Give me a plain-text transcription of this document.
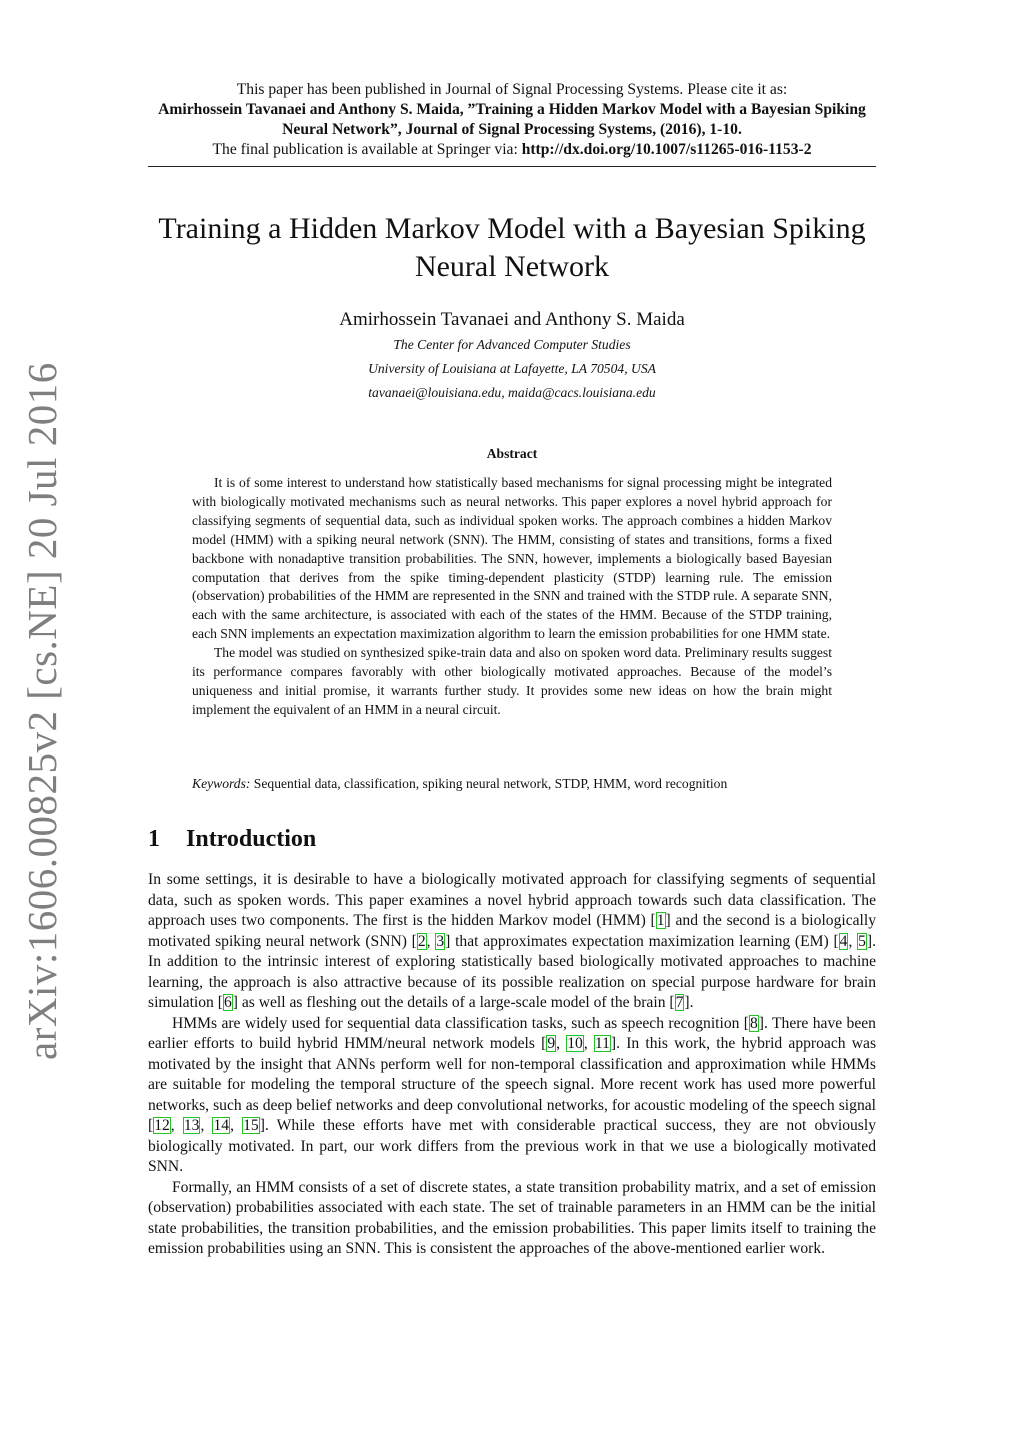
arXiv:1606.00825v2 [cs.NE] 20 Jul 2016
This paper has been published in Journal of Signal Processing Systems. Please cite it as:
Amirhossein Tavanaei and Anthony S. Maida, ”Training a Hidden Markov Model with a Bayesian Spiking Neural Network”, Journal of Signal Processing Systems, (2016), 1-10.
The final publication is available at Springer via: http://dx.doi.org/10.1007/s11265-016-1153-2
Training a Hidden Markov Model with a Bayesian Spiking Neural Network
Amirhossein Tavanaei and Anthony S. Maida
The Center for Advanced Computer Studies
University of Louisiana at Lafayette, LA 70504, USA
tavanaei@louisiana.edu, maida@cacs.louisiana.edu
Abstract

It is of some interest to understand how statistically based mechanisms for signal processing might be integrated with biologically motivated mechanisms such as neural networks. This paper explores a novel hybrid approach for classifying segments of sequential data, such as individual spoken works. The approach combines a hidden Markov model (HMM) with a spiking neural network (SNN). The HMM, consisting of states and transitions, forms a fixed backbone with nonadaptive transition probabilities. The SNN, however, implements a biologically based Bayesian computation that derives from the spike timing-dependent plasticity (STDP) learning rule. The emission (observation) probabilities of the HMM are represented in the SNN and trained with the STDP rule. A separate SNN, each with the same architecture, is associated with each of the states of the HMM. Because of the STDP training, each SNN implements an expectation maximization algorithm to learn the emission probabilities for one HMM state.

The model was studied on synthesized spike-train data and also on spoken word data. Preliminary results suggest its performance compares favorably with other biologically motivated approaches. Because of the model’s uniqueness and initial promise, it warrants further study. It provides some new ideas on how the brain might implement the equivalent of an HMM in a neural circuit.

Keywords: Sequential data, classification, spiking neural network, STDP, HMM, word recognition
1 Introduction

In some settings, it is desirable to have a biologically motivated approach for classifying segments of sequential data, such as spoken words. This paper examines a novel hybrid approach towards such data classification. The approach uses two components. The first is the hidden Markov model (HMM) [1] and the second is a biologically motivated spiking neural network (SNN) [2, 3] that approximates expectation maximization learning (EM) [4, 5]. In addition to the intrinsic interest of exploring statistically based biologically motivated approaches to machine learning, the approach is also attractive because of its possible realization on special purpose hardware for brain simulation [6] as well as fleshing out the details of a large-scale model of the brain [7].

HMMs are widely used for sequential data classification tasks, such as speech recognition [8]. There have been earlier efforts to build hybrid HMM/neural network models [9, 10, 11]. In this work, the hybrid approach was motivated by the insight that ANNs perform well for non-temporal classification and approximation while HMMs are suitable for modeling the temporal structure of the speech signal. More recent work has used more powerful networks, such as deep belief networks and deep convolutional networks, for acoustic modeling of the speech signal [12, 13, 14, 15]. While these efforts have met with considerable practical success, they are not obviously biologically motivated. In part, our work differs from the previous work in that we use a biologically motivated SNN.

Formally, an HMM consists of a set of discrete states, a state transition probability matrix, and a set of emission (observation) probabilities associated with each state. The set of trainable parameters in an HMM can be the initial state probabilities, the transition probabilities, and the emission probabilities. This paper limits itself to training the emission probabilities using an SNN. This is consistent the approaches of the above-mentioned earlier work.
